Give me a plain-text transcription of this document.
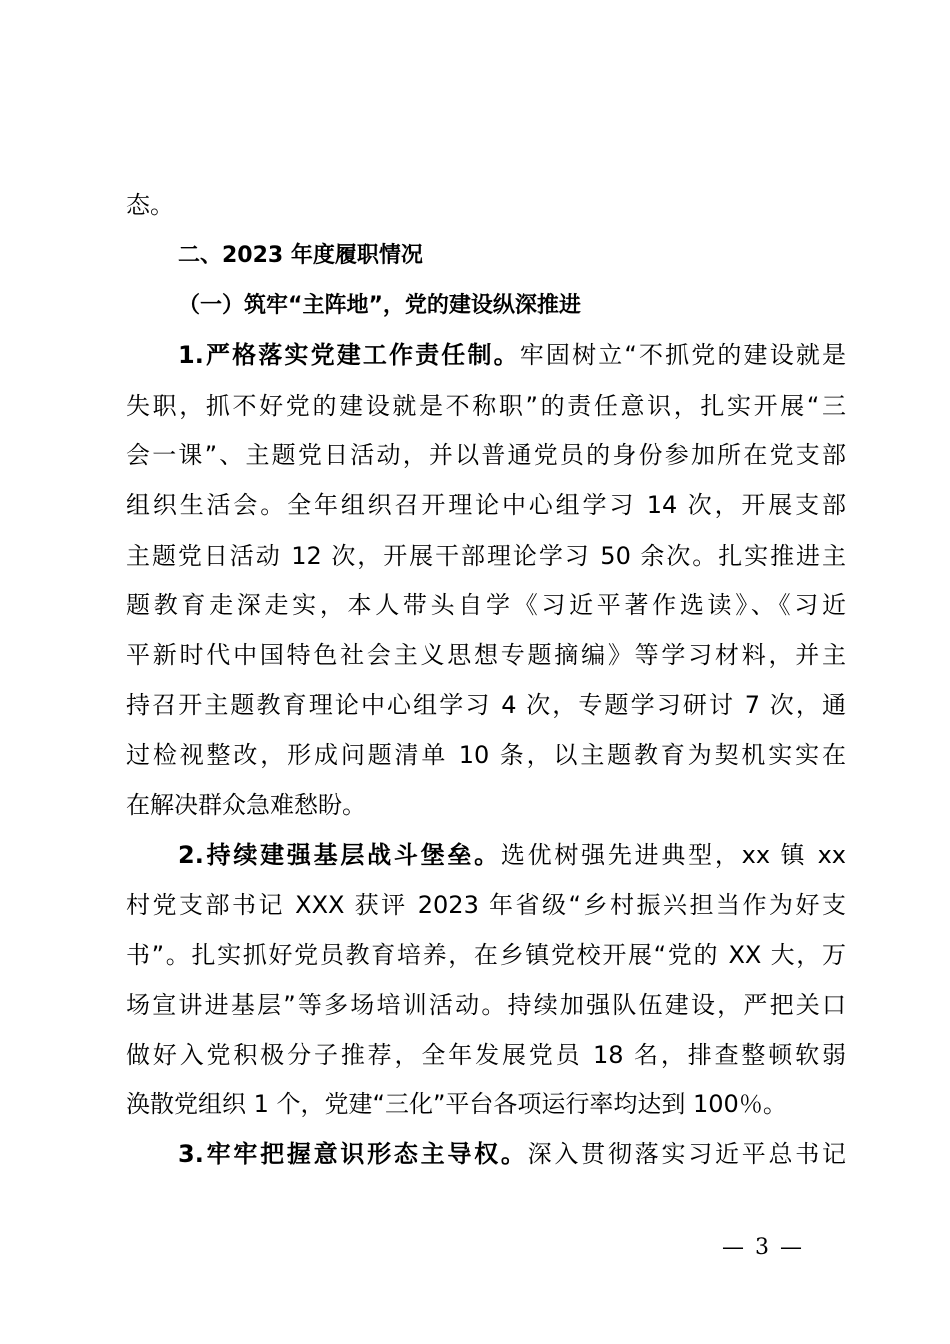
态。
二、2023 年度履职情况
（一）筑牢“主阵地”，党的建设纵深推进
1.严格落实党建工作责任制。牢固树立“不抓党的建设就是
失职，抓不好党的建设就是不称职”的责任意识，扎实开展“三
会一课”、主题党日活动，并以普通党员的身份参加所在党支部
组织生活会。全年组织召开理论中心组学习 14 次，开展支部
主题党日活动 12 次，开展干部理论学习 50 余次。扎实推进主
题教育走深走实，本人带头自学《习近平著作选读》、《习近
平新时代中国特色社会主义思想专题摘编》等学习材料，并主
持召开主题教育理论中心组学习 4 次，专题学习研讨 7 次，通
过检视整改，形成问题清单 10 条，以主题教育为契机实实在
在解决群众急难愁盼。
2.持续建强基层战斗堡垒。选优树强先进典型，xx 镇 xx
村党支部书记 XXX 获评 2023 年省级“乡村振兴担当作为好支
书”。扎实抓好党员教育培养，在乡镇党校开展“党的 XX 大，万
场宣讲进基层”等多场培训活动。持续加强队伍建设，严把关口
做好入党积极分子推荐，全年发展党员 18 名，排查整顿软弱
涣散党组织 1 个，党建“三化”平台各项运行率均达到 100％。
3.牢牢把握意识形态主导权。深入贯彻落实习近平总书记
— 3 —
